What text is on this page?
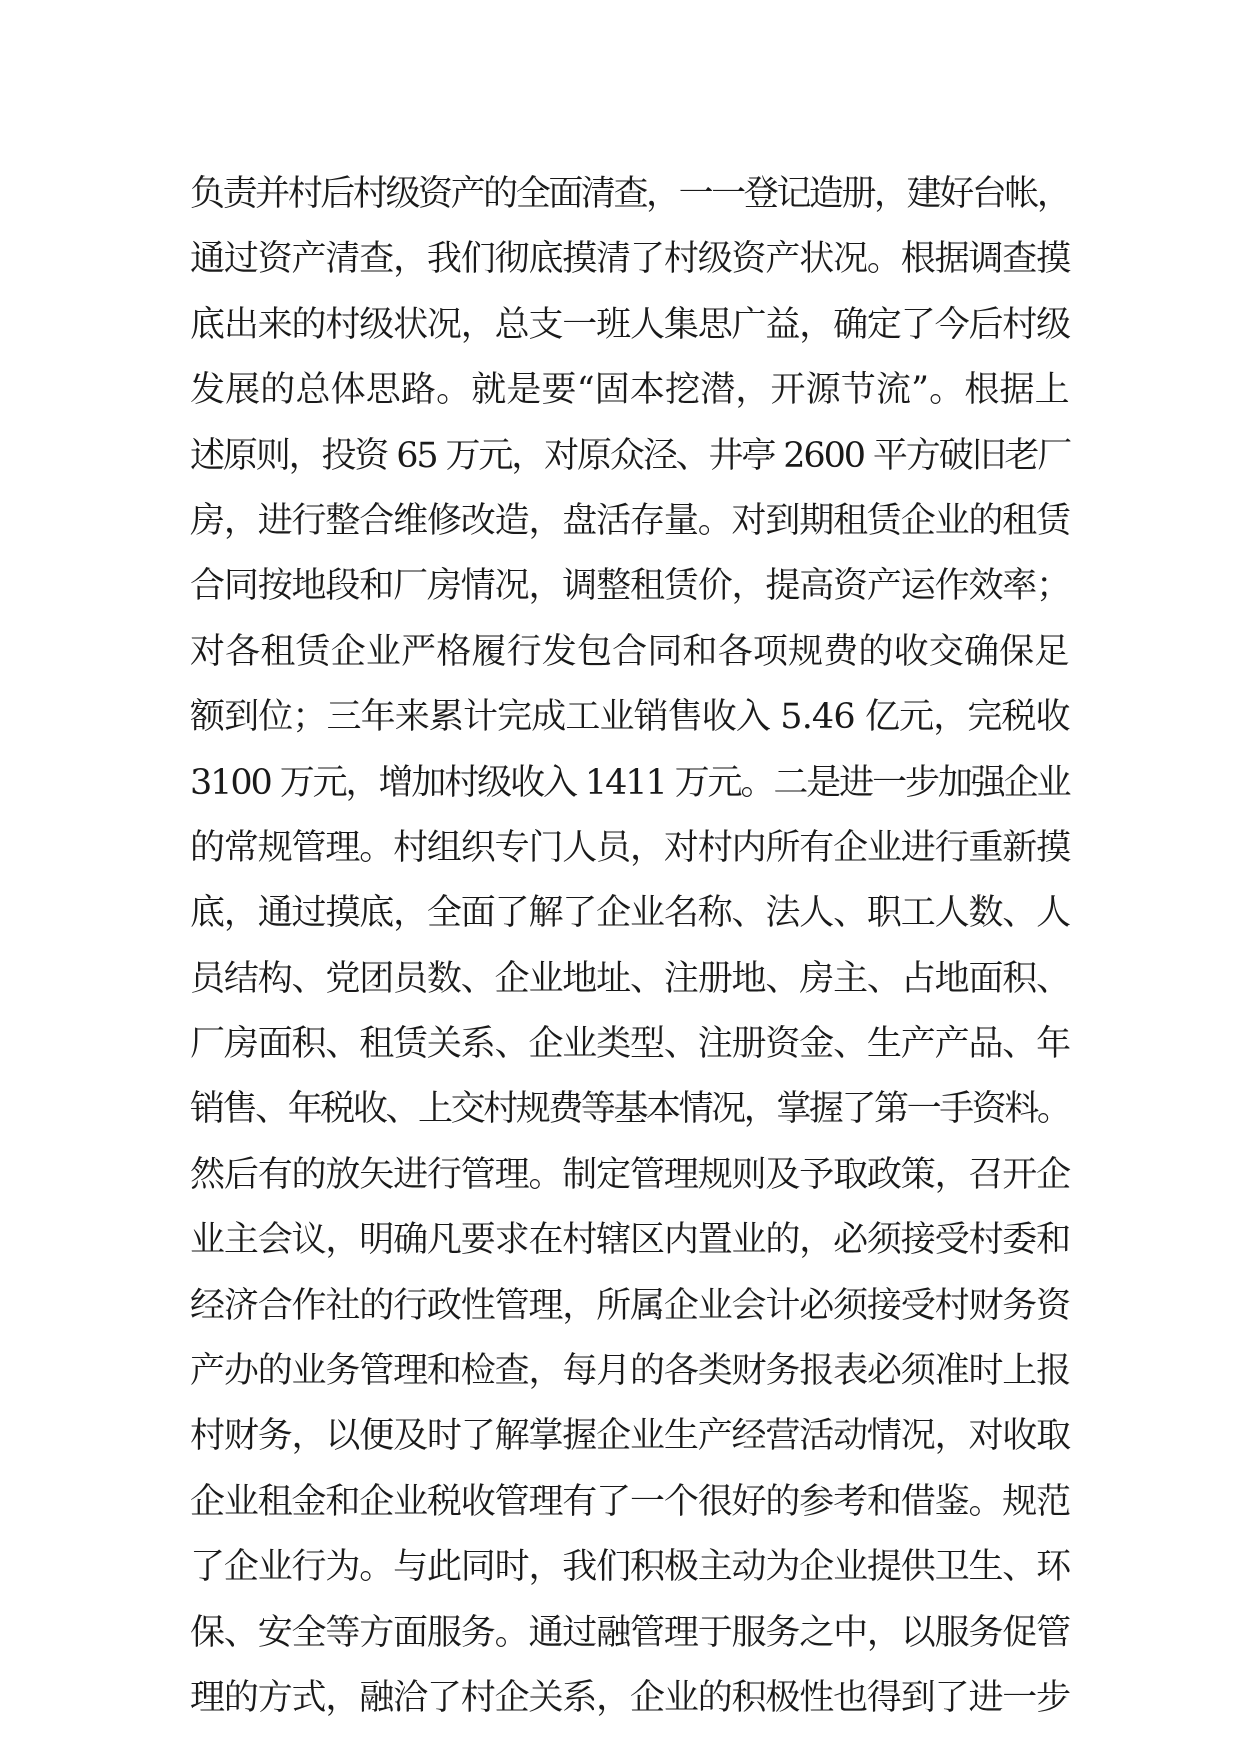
负责并村后村级资产的全面清查，一一登记造册，建好台帐，
通过资产清查，我们彻底摸清了村级资产状况。根据调查摸
底出来的村级状况，总支一班人集思广益，确定了今后村级
发展的总体思路。就是要“固本挖潜，开源节流”。根据上
述原则，投资 65 万元，对原众泾、井亭 2600 平方破旧老厂
房，进行整合维修改造，盘活存量。对到期租赁企业的租赁
合同按地段和厂房情况，调整租赁价，提高资产运作效率；
对各租赁企业严格履行发包合同和各项规费的收交确保足
额到位；三年来累计完成工业销售收入 5.46 亿元，完税收
3100 万元，增加村级收入 1411 万元。二是进一步加强企业
的常规管理。村组织专门人员，对村内所有企业进行重新摸
底，通过摸底，全面了解了企业名称、法人、职工人数、人
员结构、党团员数、企业地址、注册地、房主、占地面积、
厂房面积、租赁关系、企业类型、注册资金、生产产品、年
销售、年税收、上交村规费等基本情况，掌握了第一手资料。
然后有的放矢进行管理。制定管理规则及予取政策，召开企
业主会议，明确凡要求在村辖区内置业的，必须接受村委和
经济合作社的行政性管理，所属企业会计必须接受村财务资
产办的业务管理和检查，每月的各类财务报表必须准时上报
村财务，以便及时了解掌握企业生产经营活动情况，对收取
企业租金和企业税收管理有了一个很好的参考和借鉴。规范
了企业行为。与此同时，我们积极主动为企业提供卫生、环
保、安全等方面服务。通过融管理于服务之中，以服务促管
理的方式，融洽了村企关系，企业的积极性也得到了进一步
